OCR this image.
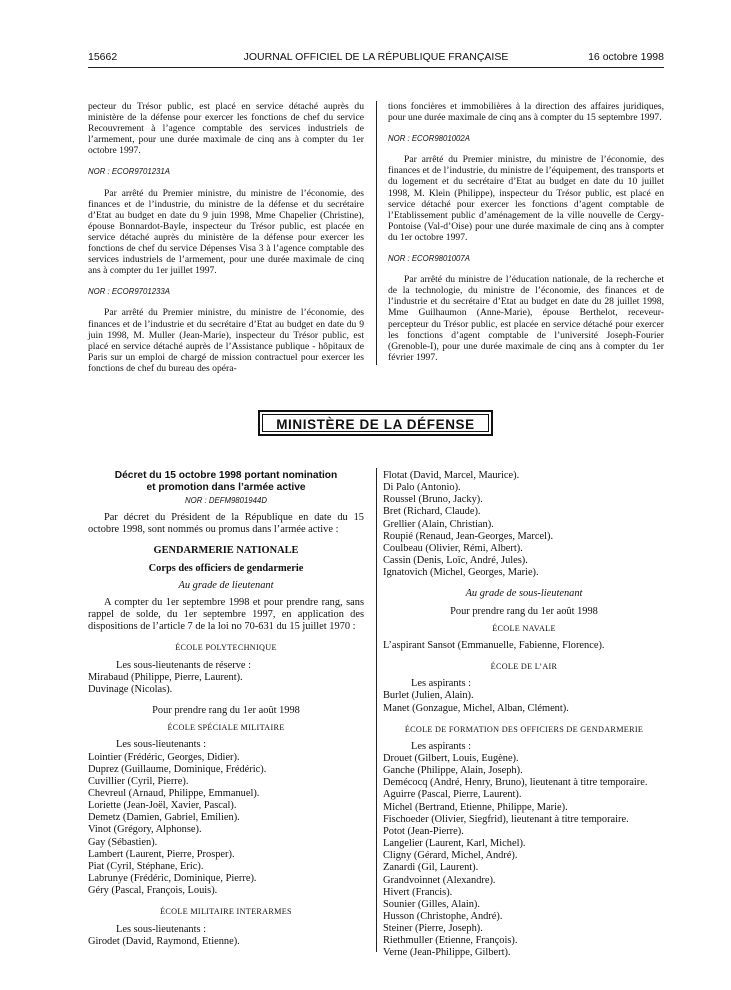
15662	JOURNAL OFFICIEL DE LA RÉPUBLIQUE FRANÇAISE	16 octobre 1998

pecteur du Trésor public, est placé en service détaché auprès du ministère de la défense pour exercer les fonctions de chef du service Recouvrement à l’agence comptable des services industriels de l’armement, pour une durée maximale de cinq ans à compter du 1er octobre 1997.

NOR : ECOR9701231A

Par arrêté du Premier ministre, du ministre de l’économie, des finances et de l’industrie, du ministre de la défense et du secrétaire d’Etat au budget en date du 9 juin 1998, Mme Chapelier (Christine), épouse Bonnardot-Bayle, inspecteur du Trésor public, est placée en service détaché auprès du ministère de la défense pour exercer les fonctions de chef du service Dépenses Visa 3 à l’agence comptable des services industriels de l’armement, pour une durée maximale de cinq ans à compter du 1er juillet 1997.

NOR : ECOR9701233A

Par arrêté du Premier ministre, du ministre de l’économie, des finances et de l’industrie et du secrétaire d’Etat au budget en date du 9 juin 1998, M. Muller (Jean-Marie), inspecteur du Trésor public, est placé en service détaché auprès de l’Assistance publique - hôpitaux de Paris sur un emploi de chargé de mission contractuel pour exercer les fonctions de chef du bureau des opéra-

tions foncières et immobilières à la direction des affaires juridiques, pour une durée maximale de cinq ans à compter du 15 septembre 1997.

NOR : ECOR9801002A

Par arrêté du Premier ministre, du ministre de l’économie, des finances et de l’industrie, du ministre de l’équipement, des transports et du logement et du secrétaire d’Etat au budget en date du 10 juillet 1998, M. Klein (Philippe), inspecteur du Trésor public, est placé en service détaché pour exercer les fonctions d’agent comptable de l’Etablissement public d’aménagement de la ville nouvelle de Cergy-Pontoise (Val-d’Oise) pour une durée maximale de cinq ans à compter du 1er octobre 1997.

NOR : ECOR9801007A

Par arrêté du ministre de l’éducation nationale, de la recherche et de la technologie, du ministre de l’économie, des finances et de l’industrie et du secrétaire d’Etat au budget en date du 28 juillet 1998, Mme Guilhaumon (Anne-Marie), épouse Berthelot, receveur-percepteur du Trésor public, est placée en service détaché pour exercer les fonctions d’agent comptable de l’université Joseph-Fourier (Grenoble-I), pour une durée maximale de cinq ans à compter du 1er février 1997.

MINISTÈRE DE LA DÉFENSE
Décret du 15 octobre 1998 portant nomination
et promotion dans l’armée active

NOR : DEFM9801944D

Par décret du Président de la République en date du 15 octobre 1998, sont nommés ou promus dans l’armée active :

GENDARMERIE NATIONALE

Corps des officiers de gendarmerie

Au grade de lieutenant

A compter du 1er septembre 1998 et pour prendre rang, sans rappel de solde, du 1er septembre 1997, en application des dispositions de l’article 7 de la loi no 70-631 du 15 juillet 1970 :

ÉCOLE POLYTECHNIQUE

Les sous-lieutenants de réserve :

Mirabaud (Philippe, Pierre, Laurent).

Duvinage (Nicolas).

Pour prendre rang du 1er août 1998

ÉCOLE SPÉCIALE MILITAIRE

Les sous-lieutenants :

Lointier (Frédéric, Georges, Didier).

Duprez (Guillaume, Dominique, Frédéric).

Cuvillier (Cyril, Pierre).

Chevreul (Arnaud, Philippe, Emmanuel).

Loriette (Jean-Joël, Xavier, Pascal).

Demetz (Damien, Gabriel, Emilien).

Vinot (Grégory, Alphonse).

Gay (Sébastien).

Lambert (Laurent, Pierre, Prosper).

Piat (Cyril, Stéphane, Eric).

Labrunye (Frédéric, Dominique, Pierre).

Géry (Pascal, François, Louis).

ÉCOLE MILITAIRE INTERARMES

Les sous-lieutenants :

Girodet (David, Raymond, Etienne).

Flotat (David, Marcel, Maurice).

Di Palo (Antonio).

Roussel (Bruno, Jacky).

Bret (Richard, Claude).

Grellier (Alain, Christian).

Roupié (Renaud, Jean-Georges, Marcel).

Coulbeau (Olivier, Rémi, Albert).

Cassin (Denis, Loïc, André, Jules).

Ignatovich (Michel, Georges, Marie).

Au grade de sous-lieutenant

Pour prendre rang du 1er août 1998

ÉCOLE NAVALE

L’aspirant Sansot (Emmanuelle, Fabienne, Florence).

ÉCOLE DE L’AIR

Les aspirants :

Burlet (Julien, Alain).

Manet (Gonzague, Michel, Alban, Clément).

ÉCOLE DE FORMATION DES OFFICIERS DE GENDARMERIE

Les aspirants :

Drouet (Gilbert, Louis, Eugène).

Ganche (Philippe, Alain, Joseph).

Demécocq (André, Henry, Bruno), lieutenant à titre temporaire.

Aguirre (Pascal, Pierre, Laurent).

Michel (Bertrand, Etienne, Philippe, Marie).

Fischoeder (Olivier, Siegfrid), lieutenant à titre temporaire.

Potot (Jean-Pierre).

Langelier (Laurent, Karl, Michel).

Cligny (Gérard, Michel, André).

Zanardi (Gil, Laurent).

Grandvoinnet (Alexandre).

Hivert (Francis).

Sounier (Gilles, Alain).

Husson (Christophe, André).

Steiner (Pierre, Joseph).

Riethmuller (Etienne, François).

Verne (Jean-Philippe, Gilbert).
